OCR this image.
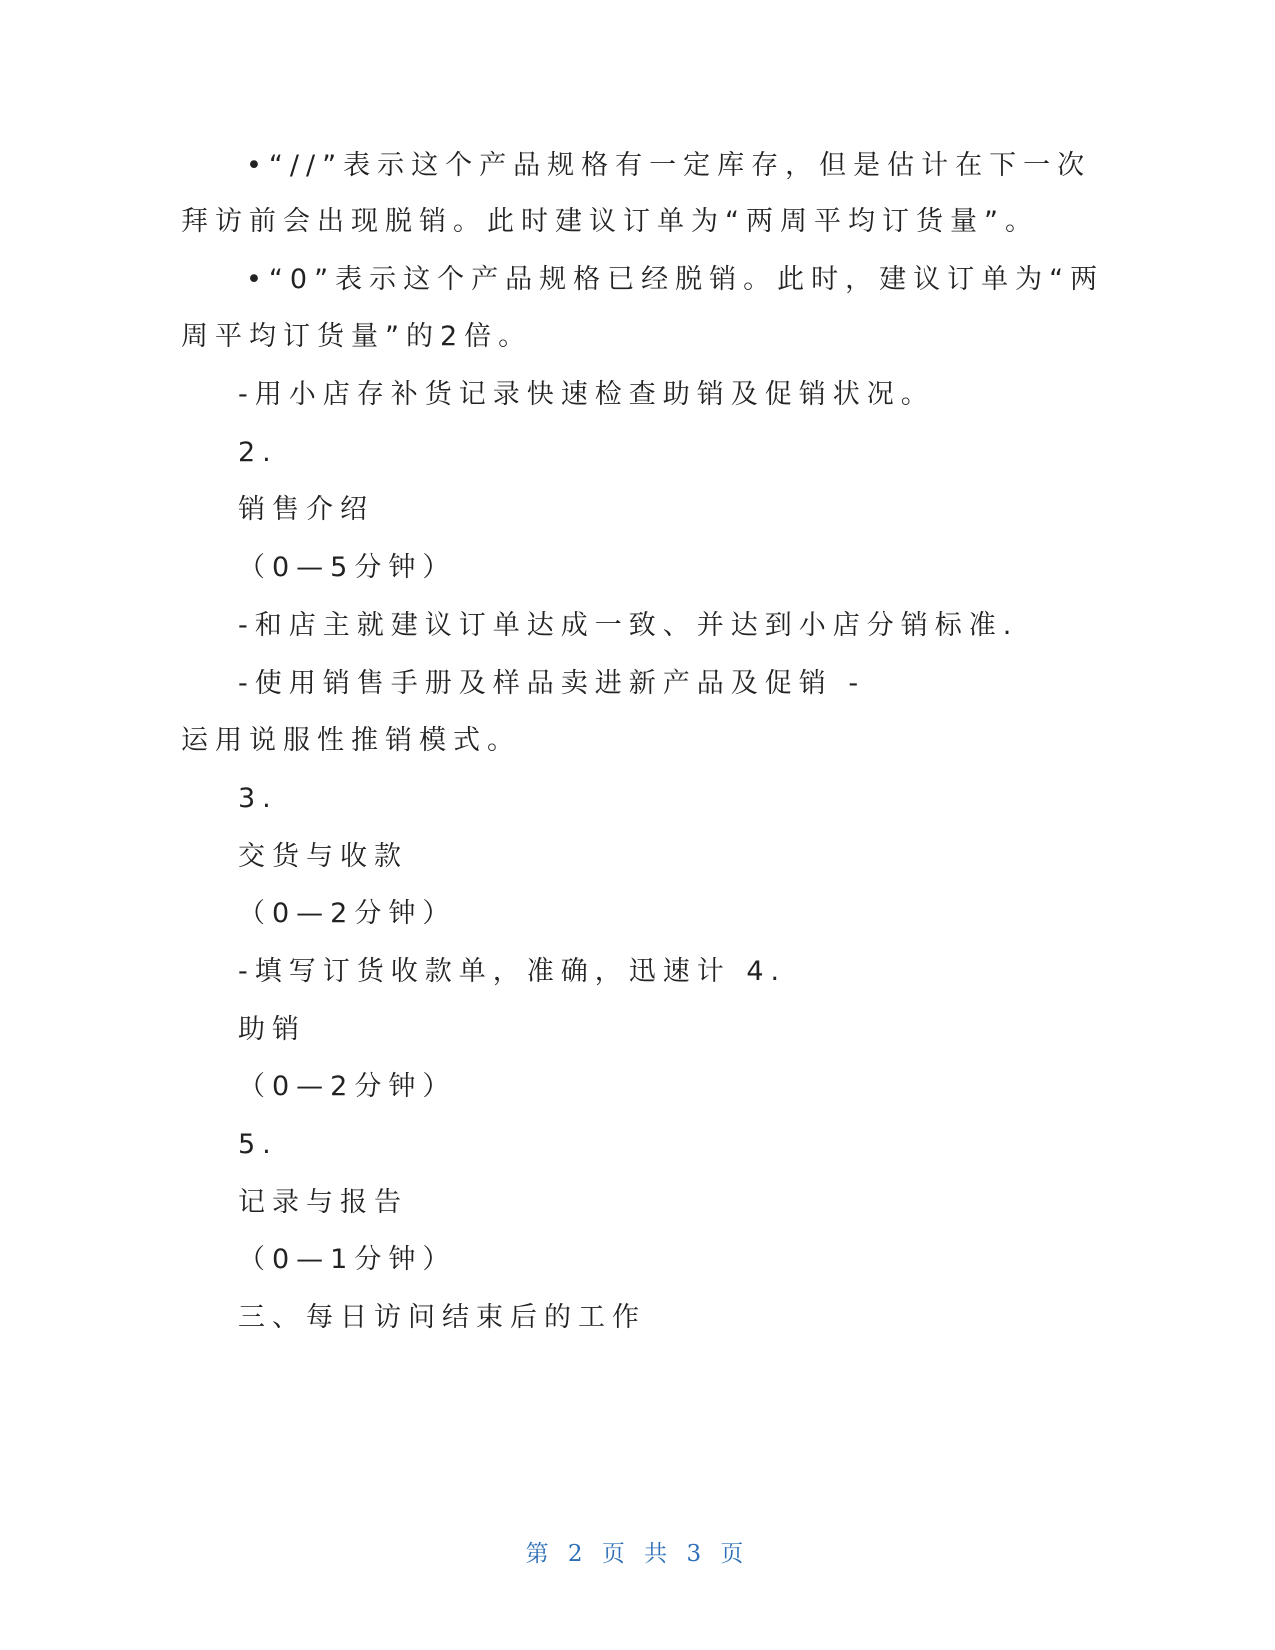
•“//”表示这个产品规格有一定库存，但是估计在下一次
拜访前会出现脱销。此时建议订单为“两周平均订货量”。
•“0”表示这个产品规格已经脱销。此时，建议订单为“两
周平均订货量”的2倍。
-用小店存补货记录快速检查助销及促销状况。
2.
销售介绍
（0—5分钟）
-和店主就建议订单达成一致、并达到小店分销标准.
-使用销售手册及样品卖进新产品及促销 -
运用说服性推销模式。
3.
交货与收款
（0—2分钟）
-填写订货收款单，准确，迅速计 4.
助销
（0—2分钟）
5.
记录与报告
（0—1分钟）
三、每日访问结束后的工作
第 2 页 共 3 页
